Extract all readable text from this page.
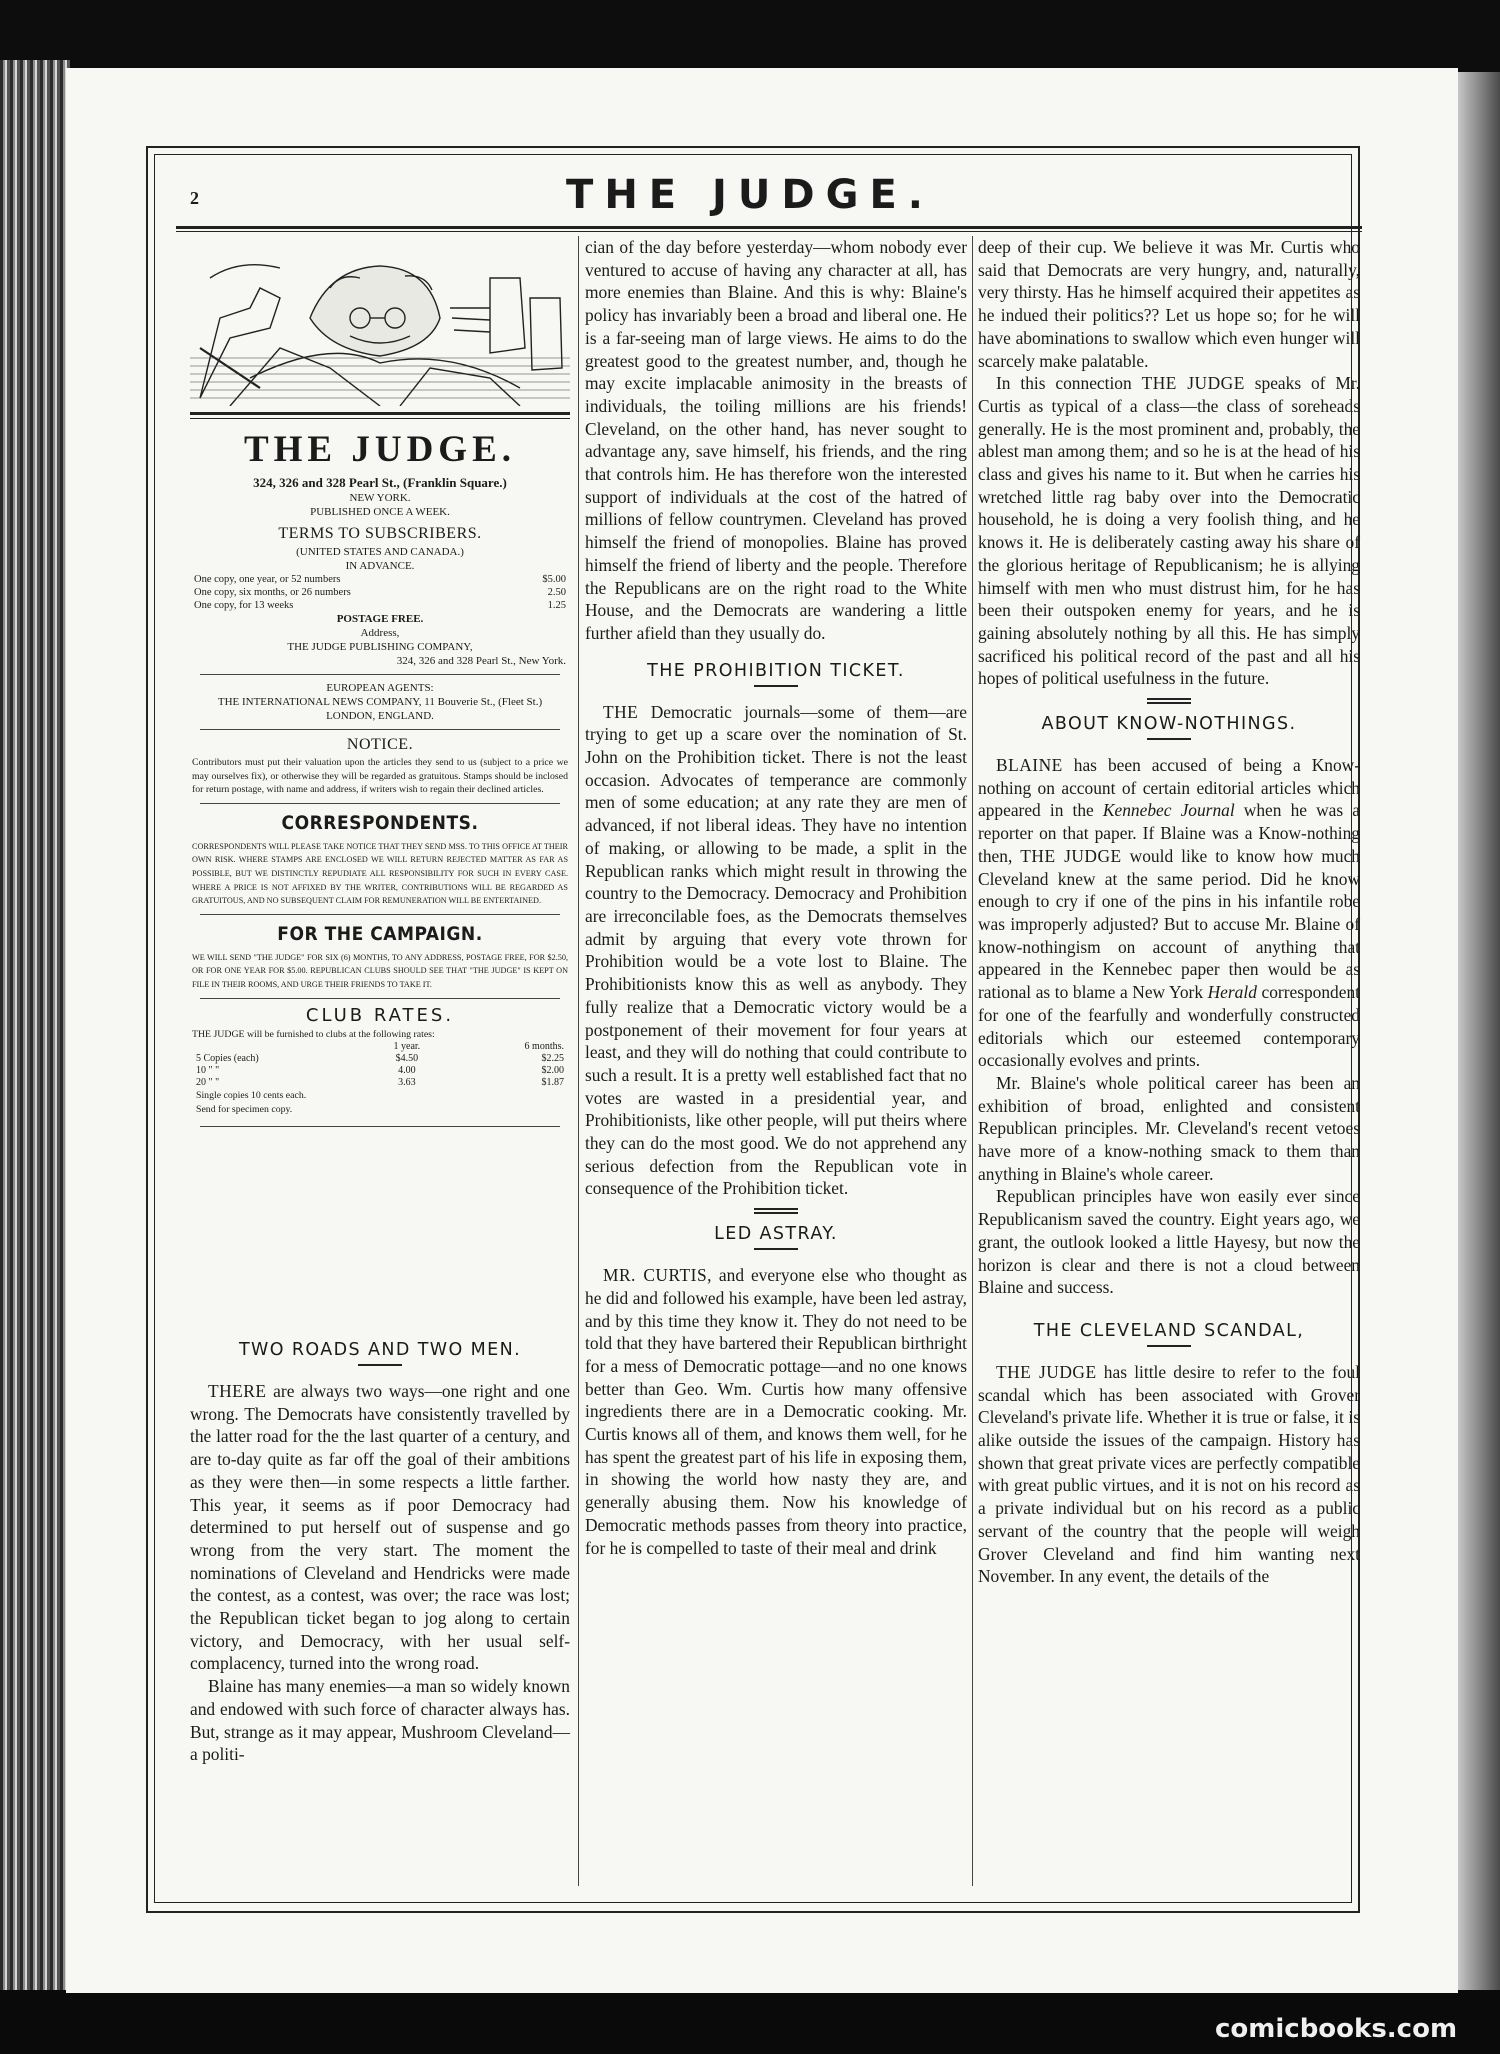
2	THE JUDGE.
THE JUDGE.

324, 326 and 328 Pearl St., (Franklin Square.)

NEW YORK.

PUBLISHED ONCE A WEEK.

TERMS TO SUBSCRIBERS.

(UNITED STATES AND CANADA.)

IN ADVANCE.

One copy, one year, or 52 numbers	$5.00
One copy, six months, or 26 numbers	2.50
One copy, for 13 weeks	1.25

POSTAGE FREE.

Address,

THE JUDGE PUBLISHING COMPANY,

324, 326 and 328 Pearl St., New York.

EUROPEAN AGENTS:

THE INTERNATIONAL NEWS COMPANY, 11 Bouverie St., (Fleet St.)

LONDON, ENGLAND.

NOTICE.

Contributors must put their valuation upon the articles they send to us (subject to a price we may ourselves fix), or otherwise they will be regarded as gratuitous. Stamps should be inclosed for return postage, with name and address, if writers wish to regain their declined articles.

CORRESPONDENTS.

CORRESPONDENTS WILL PLEASE TAKE NOTICE THAT THEY SEND MSS. TO THIS OFFICE AT THEIR OWN RISK. WHERE STAMPS ARE ENCLOSED WE WILL RETURN REJECTED MATTER AS FAR AS POSSIBLE, BUT WE DISTINCTLY REPUDIATE ALL RESPONSIBILITY FOR SUCH IN EVERY CASE. WHERE A PRICE IS NOT AFFIXED BY THE WRITER, CONTRIBUTIONS WILL BE REGARDED AS GRATUITOUS, AND NO SUBSEQUENT CLAIM FOR REMUNERATION WILL BE ENTERTAINED.

FOR THE CAMPAIGN.

WE WILL SEND "THE JUDGE" FOR SIX (6) MONTHS, TO ANY ADDRESS, POSTAGE FREE, FOR $2.50, OR FOR ONE YEAR FOR $5.00. REPUBLICAN CLUBS SHOULD SEE THAT "THE JUDGE" IS KEPT ON FILE IN THEIR ROOMS, AND URGE THEIR FRIENDS TO TAKE IT.

CLUB RATES.

THE JUDGE will be furnished to clubs at the following rates:

	1 year.	6 months.
5 Copies (each)	$4.50	$2.25
10 " "	4.00	$2.00
20 " "	3.63	$1.87

Single copies 10 cents each.

Send for specimen copy.

TWO ROADS AND TWO MEN.

THERE are always two ways—one right and one wrong. The Democrats have consistently travelled by the latter road for the the last quarter of a century, and are to-day quite as far off the goal of their ambitions as they were then—in some respects a little farther. This year, it seems as if poor Democracy had determined to put herself out of suspense and go wrong from the very start. The moment the nominations of Cleveland and Hendricks were made the contest, as a contest, was over; the race was lost; the Republican ticket began to jog along to certain victory, and Democracy, with her usual self-complacency, turned into the wrong road.

Blaine has many enemies—a man so widely known and endowed with such force of character always has. But, strange as it may appear, Mushroom Cleveland—a politi-

cian of the day before yesterday—whom nobody ever ventured to accuse of having any character at all, has more enemies than Blaine. And this is why: Blaine's policy has invariably been a broad and liberal one. He is a far-seeing man of large views. He aims to do the greatest good to the greatest number, and, though he may excite implacable animosity in the breasts of individuals, the toiling millions are his friends! Cleveland, on the other hand, has never sought to advantage any, save himself, his friends, and the ring that controls him. He has therefore won the interested support of individuals at the cost of the hatred of millions of fellow countrymen. Cleveland has proved himself the friend of monopolies. Blaine has proved himself the friend of liberty and the people. Therefore the Republicans are on the right road to the White House, and the Democrats are wandering a little further afield than they usually do.

THE PROHIBITION TICKET.

THE Democratic journals—some of them—are trying to get up a scare over the nomination of St. John on the Prohibition ticket. There is not the least occasion. Advocates of temperance are commonly men of some education; at any rate they are men of advanced, if not liberal ideas. They have no intention of making, or allowing to be made, a split in the Republican ranks which might result in throwing the country to the Democracy. Democracy and Prohibition are irreconcilable foes, as the Democrats themselves admit by arguing that every vote thrown for Prohibition would be a vote lost to Blaine. The Prohibitionists know this as well as anybody. They fully realize that a Democratic victory would be a postponement of their movement for four years at least, and they will do nothing that could contribute to such a result. It is a pretty well established fact that no votes are wasted in a presidential year, and Prohibitionists, like other people, will put theirs where they can do the most good. We do not apprehend any serious defection from the Republican vote in consequence of the Prohibition ticket.

LED ASTRAY.

MR. CURTIS, and everyone else who thought as he did and followed his example, have been led astray, and by this time they know it. They do not need to be told that they have bartered their Republican birthright for a mess of Democratic pottage—and no one knows better than Geo. Wm. Curtis how many offensive ingredients there are in a Democratic cooking. Mr. Curtis knows all of them, and knows them well, for he has spent the greatest part of his life in exposing them, in showing the world how nasty they are, and generally abusing them. Now his knowledge of Democratic methods passes from theory into practice, for he is compelled to taste of their meal and drink

deep of their cup. We believe it was Mr. Curtis who said that Democrats are very hungry, and, naturally, very thirsty. Has he himself acquired their appetites as he indued their politics?? Let us hope so; for he will have abominations to swallow which even hunger will scarcely make palatable.

In this connection THE JUDGE speaks of Mr. Curtis as typical of a class—the class of soreheads generally. He is the most prominent and, probably, the ablest man among them; and so he is at the head of his class and gives his name to it. But when he carries his wretched little rag baby over into the Democratic household, he is doing a very foolish thing, and he knows it. He is deliberately casting away his share of the glorious heritage of Republicanism; he is allying himself with men who must distrust him, for he has been their outspoken enemy for years, and he is gaining absolutely nothing by all this. He has simply sacrificed his political record of the past and all his hopes of political usefulness in the future.

ABOUT KNOW-NOTHINGS.

BLAINE has been accused of being a Know-nothing on account of certain editorial articles which appeared in the Kennebec Journal when he was a reporter on that paper. If Blaine was a Know-nothing then, THE JUDGE would like to know how much Cleveland knew at the same period. Did he know enough to cry if one of the pins in his infantile robe was improperly adjusted? But to accuse Mr. Blaine of know-nothingism on account of anything that appeared in the Kennebec paper then would be as rational as to blame a New York Herald correspondent for one of the fearfully and wonderfully constructed editorials which our esteemed contemporary occasionally evolves and prints.

Mr. Blaine's whole political career has been an exhibition of broad, enlighted and consistent Republican principles. Mr. Cleveland's recent vetoes have more of a know-nothing smack to them than anything in Blaine's whole career.

Republican principles have won easily ever since Republicanism saved the country. Eight years ago, we grant, the outlook looked a little Hayesy, but now the horizon is clear and there is not a cloud between Blaine and success.

THE CLEVELAND SCANDAL,

THE JUDGE has little desire to refer to the foul scandal which has been associated with Grover Cleveland's private life. Whether it is true or false, it is alike outside the issues of the campaign. History has shown that great private vices are perfectly compatible with great public virtues, and it is not on his record as a private individual but on his record as a public servant of the country that the people will weigh Grover Cleveland and find him wanting next November. In any event, the details of the

comicbooks.com
